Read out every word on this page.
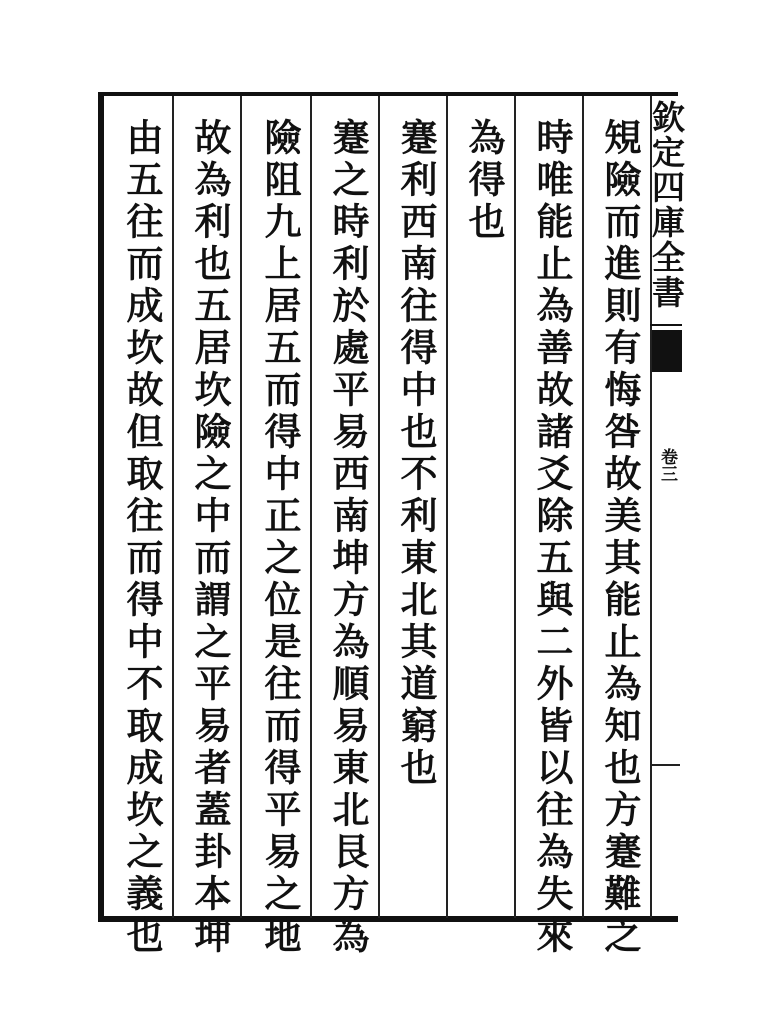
䂓險而進則有悔咎故美其能止為知也方蹇難之
時唯能止為善故諸爻除五與二外皆以往為失來
為得也
蹇利西南往得中也不利東北其道窮也
蹇之時利於處平易西南坤方為順易東北艮方為
險阻九上居五而得中正之位是往而得平易之地
故為利也五居坎險之中而謂之平易者蓋卦本坤
由五往而成坎故但取往而得中不取成坎之義也	欽定四庫全書
卷三
